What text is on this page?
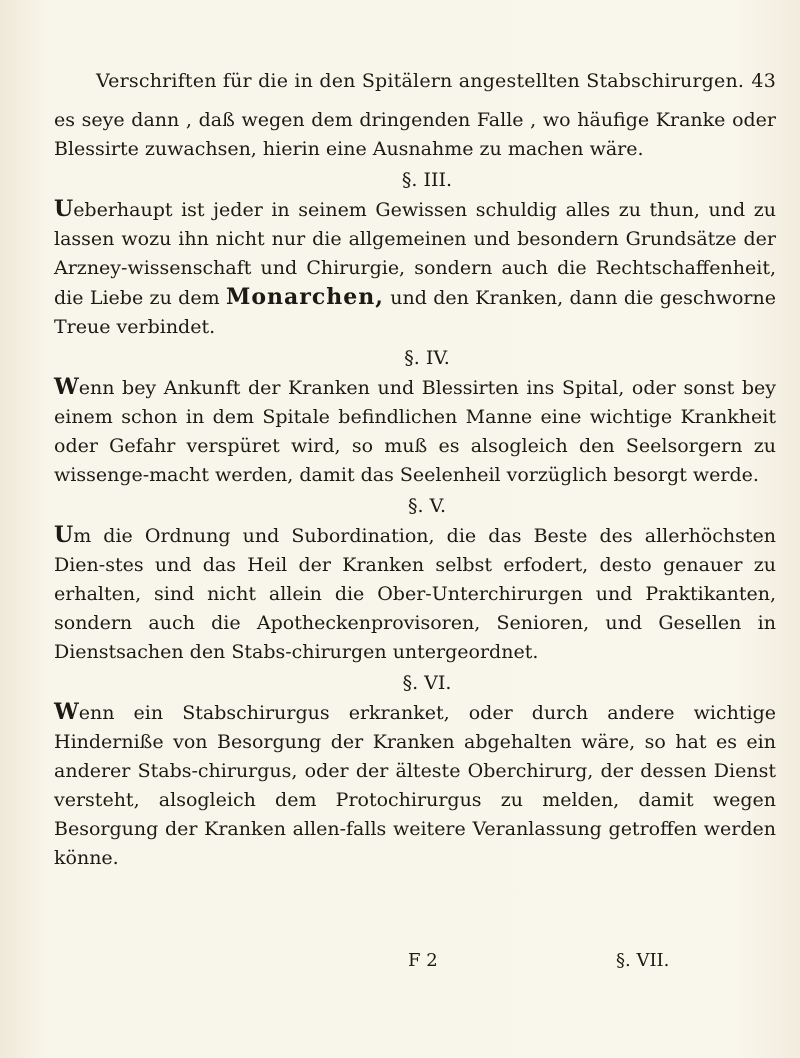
Verschriften für die in den Spitälern angestellten Stabschirurgen. 43

es seye dann , daß wegen dem dringenden Falle , wo häufige Kranke oder Blessirte zuwachsen, hierin eine Ausnahme zu machen wäre.

§. III.

Ueberhaupt ist jeder in seinem Gewissen schuldig alles zu thun, und zu lassen wozu ihn nicht nur die allgemeinen und besondern Grundsätze der Arzney-wissenschaft und Chirurgie, sondern auch die Rechtschaffenheit, die Liebe zu dem Monarchen, und den Kranken, dann die geschworne Treue verbindet.

§. IV.

Wenn bey Ankunft der Kranken und Blessirten ins Spital, oder sonst bey einem schon in dem Spitale befindlichen Manne eine wichtige Krankheit oder Gefahr verspüret wird, so muß es alsogleich den Seelsorgern zu wissenge-macht werden, damit das Seelenheil vorzüglich besorgt werde.

§. V.

Um die Ordnung und Subordination, die das Beste des allerhöchsten Dien-stes und das Heil der Kranken selbst erfodert, desto genauer zu erhalten, sind nicht allein die Ober-Unterchirurgen und Praktikanten, sondern auch die Apotheckenprovisoren, Senioren, und Gesellen in Dienstsachen den Stabs-chirurgen untergeordnet.

§. VI.

Wenn ein Stabschirurgus erkranket, oder durch andere wichtige Hinderniße von Besorgung der Kranken abgehalten wäre, so hat es ein anderer Stabs-chirurgus, oder der älteste Oberchirurg, der dessen Dienst versteht, alsogleich dem Protochirurgus zu melden, damit wegen Besorgung der Kranken allen-falls weitere Veranlassung getroffen werden könne.

F 2	§. VII.
